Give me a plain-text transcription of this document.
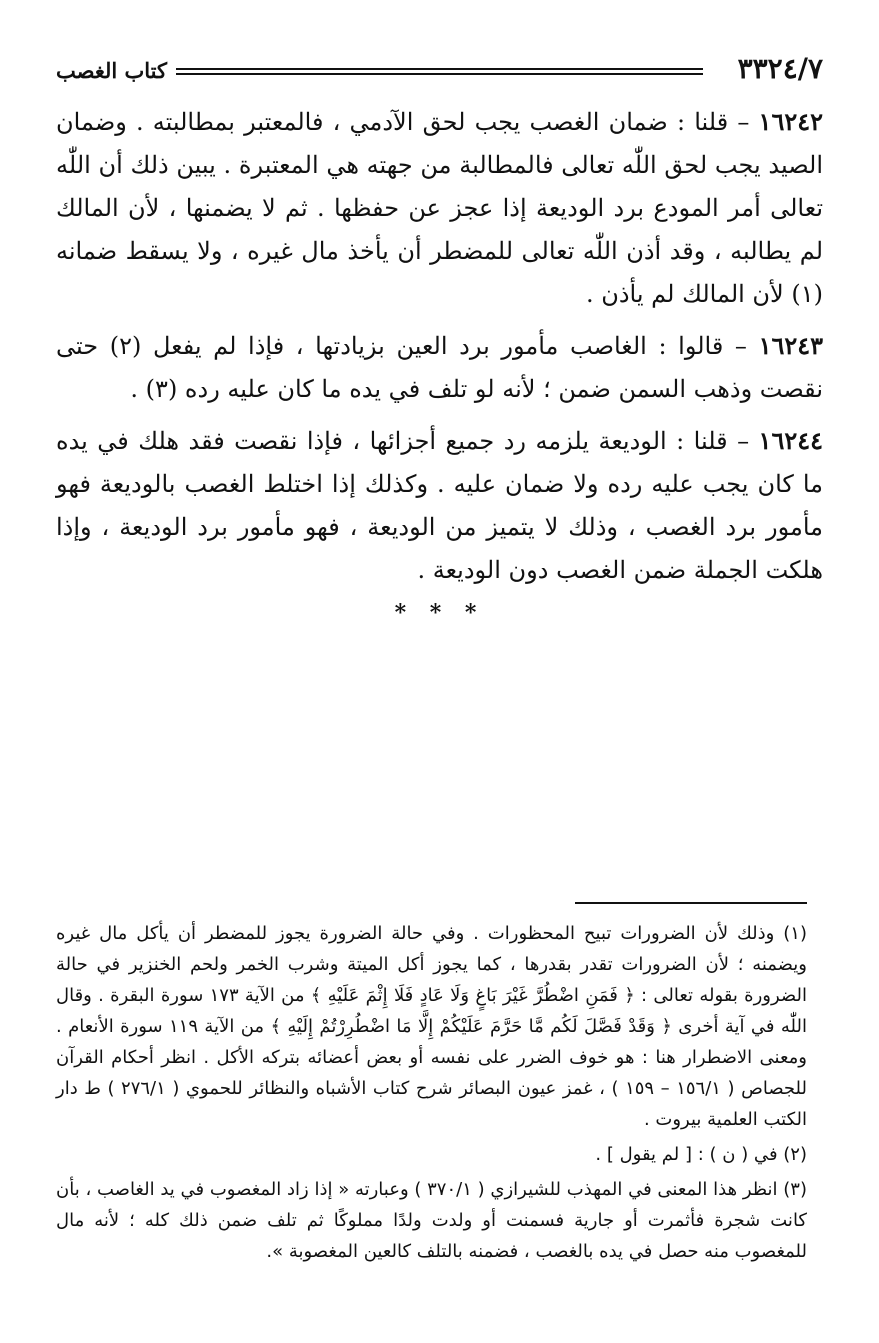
٣٣٢٤/٧
كتاب الغصب

١٦٢٤٢ – قلنا : ضمان الغصب يجب لحق الآدمي ، فالمعتبر بمطالبته . وضمان الصيد يجب لحق اللّٰه تعالى فالمطالبة من جهته هي المعتبرة . يبين ذلك أن اللّٰه تعالى أمر المودع برد الوديعة إذا عجز عن حفظها . ثم لا يضمنها ، لأن المالك لم يطالبه ، وقد أذن اللّٰه تعالى للمضطر أن يأخذ مال غيره ، ولا يسقط ضمانه (١) لأن المالك لم يأذن .

١٦٢٤٣ – قالوا : الغاصب مأمور برد العين بزيادتها ، فإذا لم يفعل (٢) حتى نقصت وذهب السمن ضمن ؛ لأنه لو تلف في يده ما كان عليه رده (٣) .

١٦٢٤٤ – قلنا : الوديعة يلزمه رد جميع أجزائها ، فإذا نقصت فقد هلك في يده ما كان يجب عليه رده ولا ضمان عليه . وكذلك إذا اختلط الغصب بالوديعة فهو مأمور برد الغصب ، وذلك لا يتميز من الوديعة ، فهو مأمور برد الوديعة ، وإذا هلكت الجملة ضمن الغصب دون الوديعة .

* * *

(١) وذلك لأن الضرورات تبيح المحظورات . وفي حالة الضرورة يجوز للمضطر أن يأكل مال غيره ويضمنه ؛ لأن الضرورات تقدر بقدرها ، كما يجوز أكل الميتة وشرب الخمر ولحم الخنزير في حالة الضرورة بقوله تعالى : ﴿ فَمَنِ اضْطُرَّ غَيْرَ بَاغٍ وَلَا عَادٍ فَلَا إِثْمَ عَلَيْهِ ﴾ من الآية ١٧٣ سورة البقرة . وقال اللّٰه في آية أخرى ﴿ وَقَدْ فَصَّلَ لَكُم مَّا حَرَّمَ عَلَيْكُمْ إِلَّا مَا اضْطُرِرْتُمْ إِلَيْهِ ﴾ من الآية ١١٩ سورة الأنعام . ومعنى الاضطرار هنا : هو خوف الضرر على نفسه أو بعض أعضائه بتركه الأكل . انظر أحكام القرآن للجصاص ( ١٥٦/١ – ١٥٩ ) ، غمز عيون البصائر شرح كتاب الأشباه والنظائر للحموي ( ٢٧٦/١ ) ط دار الكتب العلمية بيروت .

(٢) في ( ن ) : [ لم يقول ] .

(٣) انظر هذا المعنى في المهذب للشيرازي ( ٣٧٠/١ ) وعبارته « إذا زاد المغصوب في يد الغاصب ، بأن كانت شجرة فأثمرت أو جارية فسمنت أو ولدت ولدًا مملوكًا ثم تلف ضمن ذلك كله ؛ لأنه مال للمغصوب منه حصل في يده بالغصب ، فضمنه بالتلف كالعين المغصوبة ».
